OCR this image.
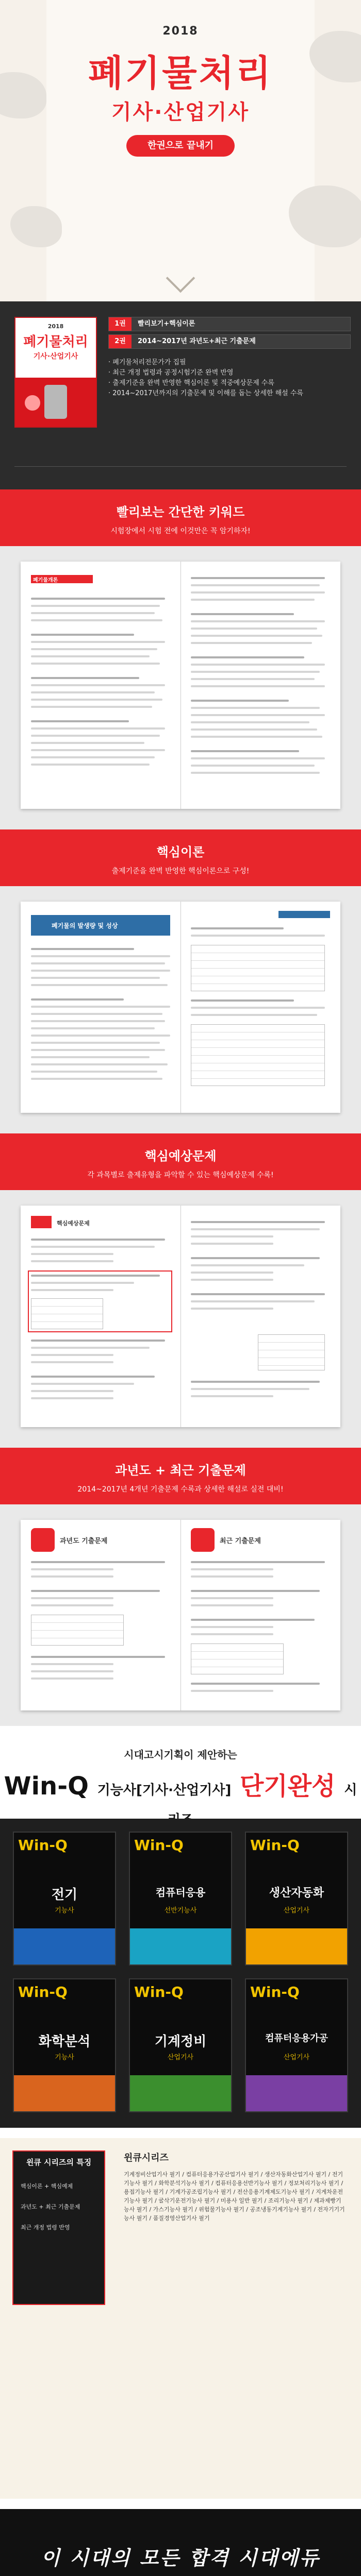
2018
폐기물처리
기사·산업기사
한권으로 끝내기
2018
폐기물처리
기사·산업기사
1권	빨리보기+핵심이론
2권	2014~2017년 과년도+최근 기출문제
· 폐기물처리전문가가 집필
· 최근 개정 법령과 공정시험기준 완벽 반영
· 출제기준을 완벽 반영한 핵심이론 및 적중예상문제 수록
· 2014~2017년까지의 기출문제 및 이해를 돕는 상세한 해설 수록
빨리보는 간단한 키워드
시험장에서 시험 전에 이것만은 꼭 암기하자!
폐기물개론
핵심이론
출제기준을 완벽 반영한 핵심이론으로 구성!
폐기물의 발생량 및 성상
핵심예상문제
각 과목별로 출제유형을 파악할 수 있는 핵심예상문제 수록!
핵심예상문제
과년도 + 최근 기출문제
2014~2017년 4개년 기출문제 수록과 상세한 해설로 실전 대비!
과년도 기출문제	최근 기출문제
시대고시기획이 제안하는
Win-Q 기능사[기사·산업기사] 단기완성 시
Win-Q
전기
기능사
Win-Q
컴퓨터응용
선반기능사
Win-Q
생산자동화
산업기사
Win-Q
화학분석
기능사
Win-Q
기계정비
산업기사
Win-Q
컴퓨터응용가공
산업기사
윈큐 시리즈의 특징
핵심이론 + 핵심예제
과년도 + 최근 기출문제
최근 개정 법령 반영
윈큐시리즈
기계정비산업기사 필기 / 컴퓨터응용가공산업기사 필기 / 생산자동화산업기사 필기 / 전기기능사 필기 / 화학분석기능사 필기 / 컴퓨터응용선반기능사 필기 / 정보처리기능사 필기 / 용접기능사 필기 / 기계가공조립기능사 필기 / 전산응용기계제도기능사 필기 / 지게차운전기능사 필기 / 굴삭기운전기능사 필기 / 미용사 일반 필기 / 조리기능사 필기 / 제과제빵기능사 필기 / 가스기능사 필기 / 위험물기능사 필기 / 공조냉동기계기능사 필기 / 전자기기기능사 필기 / 품질경영산업기사 필기
이 시대의 모든 합격 시대에듀
